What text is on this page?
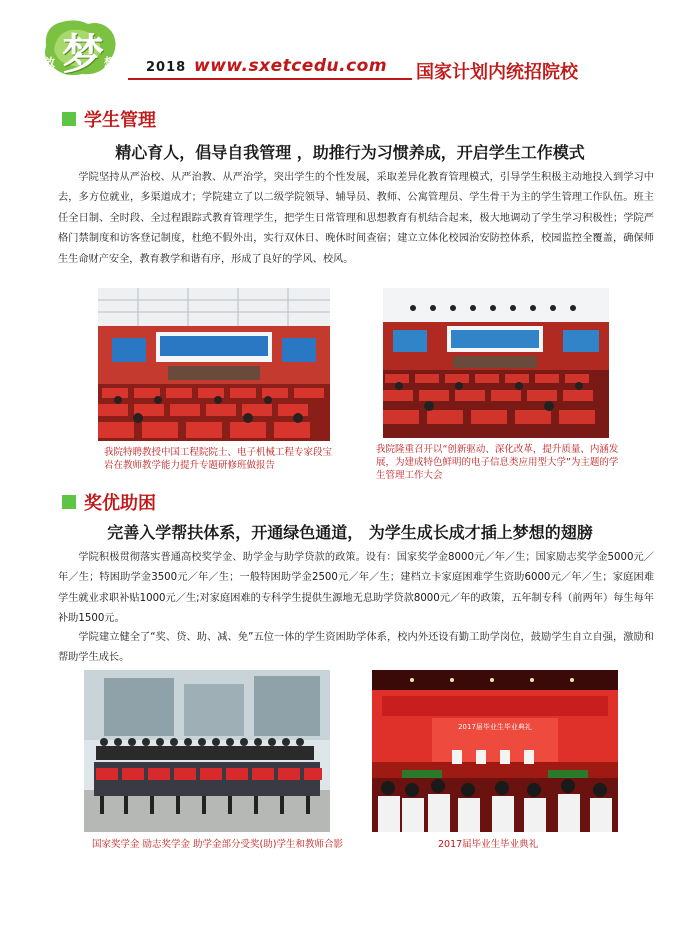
梦
放	想 2018 www.sxetcedu.com 国家计划内统招院校
学生管理
精心育人，倡导自我管理 ，助推行为习惯养成，开启学生工作模式

学院坚持从严治校、从严治教、从严治学，突出学生的个性发展，采取差异化教育管理模式，引导学生积极主动地投入到学习中去，多方位就业，多渠道成才；学院建立了以二级学院领导、辅导员、教师、公寓管理员、学生骨干为主的学生管理工作队伍。班主任全日制、全时段、全过程跟踪式教育管理学生，把学生日常管理和思想教育有机结合起来，极大地调动了学生学习积极性；学院严格门禁制度和访客登记制度，杜绝不假外出，实行双休日、晚休时间查宿；建立立体化校园治安防控体系，校园监控全覆盖，确保师生生命财产安全，教育教学和谐有序，形成了良好的学风、校风。

我院特聘教授中国工程院院士、电子机械工程专家段宝岩在教师教学能力提升专题研修班做报告

我院隆重召开以“创新驱动、深化改革，提升质量、内涵发展，为建成特色鲜明的电子信息类应用型大学”为主题的学生管理工作大会

奖优助困
完善入学帮扶体系，开通绿色通道， 为学生成长成才插上梦想的翅膀

学院积极贯彻落实普通高校奖学金、助学金与助学贷款的政策。设有：国家奖学金8000元／年／生；国家励志奖学金5000元／年／生；特困助学金3500元／年／生；一般特困助学金2500元／年／生；建档立卡家庭困难学生资助6000元／年／生；家庭困难学生就业求职补贴1000元／生;对家庭困难的专科学生提供生源地无息助学贷款8000元／年的政策，五年制专科（前两年）每生每年补助1500元。

学院建立健全了“奖、贷、助、减、免”五位一体的学生资困助学体系，校内外还设有勤工助学岗位，鼓励学生自立自强，激励和帮助学生成长。

2017届毕业生毕业典礼

国家奖学金 励志奖学金 助学金部分受奖(助)学生和教师合影	2017届毕业生毕业典礼
